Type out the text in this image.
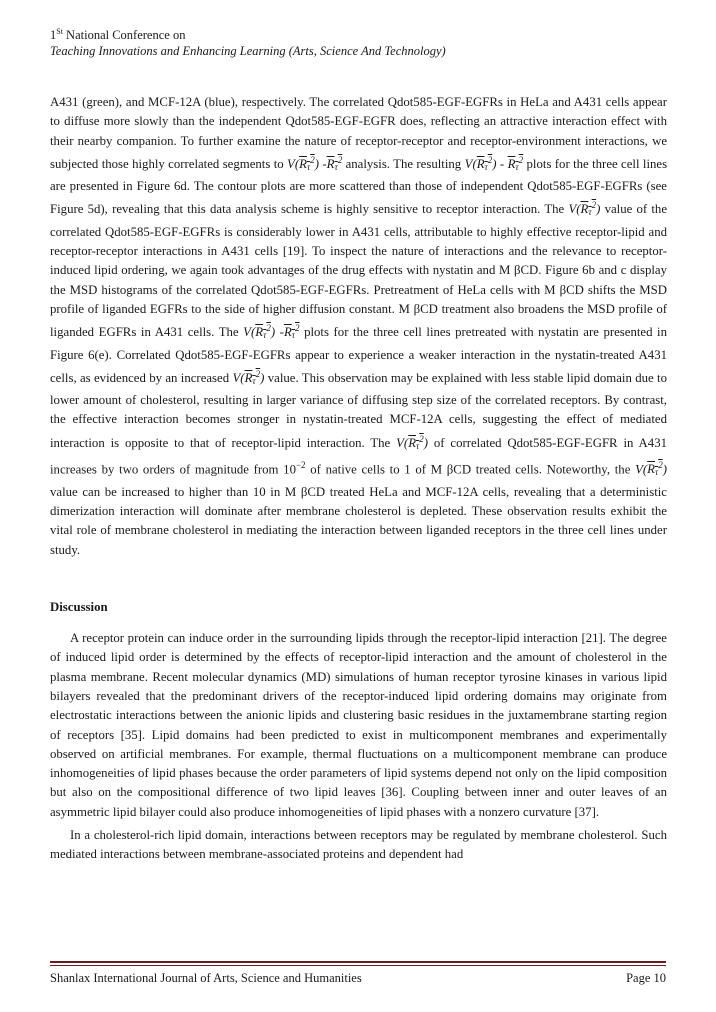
1St National Conference on
Teaching Innovations and Enhancing Learning (Arts, Science And Technology)

A431 (green), and MCF-12A (blue), respectively. The correlated Qdot585-EGF-EGFRs in HeLa and A431 cells appear to diffuse more slowly than the independent Qdot585-EGF-EGFR does, reflecting an attractive interaction effect with their nearby companion. To further examine the nature of receptor-receptor and receptor-environment interactions, we subjected those highly correlated segments to $V(R_\tau^2)$ $-R_\tau^2$ analysis. The resulting $V(R_\tau^2) - R_\tau^2$ plots for the three cell lines are presented in Figure 6d. The contour plots are more scattered than those of independent Qdot585-EGF-EGFRs (see Figure 5d), revealing that this data analysis scheme is highly sensitive to receptor interaction. The $V(R_\tau^2)$ value of the correlated Qdot585-EGF-EGFRs is considerably lower in A431 cells, attributable to highly effective receptor-lipid and receptor-receptor interactions in A431 cells [19]. To inspect the nature of interactions and the relevance to receptor-induced lipid ordering, we again took advantages of the drug effects with nystatin and M βCD. Figure 6b and c display the MSD histograms of the correlated Qdot585-EGF-EGFRs. Pretreatment of HeLa cells with M βCD shifts the MSD profile of liganded EGFRs to the side of higher diffusion constant. M βCD treatment also broadens the MSD profile of liganded EGFRs in A431 cells. The $V(R_\tau^2)$ $-R_\tau^2$ plots for the three cell lines pretreated with nystatin are presented in Figure 6(e). Correlated Qdot585-EGF-EGFRs appear to experience a weaker interaction in the nystatin-treated A431 cells, as evidenced by an increased $V(R_\tau^2)$ value. This observation may be explained with less stable lipid domain due to lower amount of cholesterol, resulting in larger variance of diffusing step size of the correlated receptors. By contrast, the effective interaction becomes stronger in nystatin-treated MCF-12A cells, suggesting the effect of mediated interaction is opposite to that of receptor-lipid interaction. The $V(R_\tau^2)$ of correlated Qdot585-EGF-EGFR in A431 increases by two orders of magnitude from $10^{-2}$ of native cells to 1 of M βCD treated cells. Noteworthy, the $V(R_\tau^2)$ value can be increased to higher than 10 in M βCD treated HeLa and MCF-12A cells, revealing that a deterministic dimerization interaction will dominate after membrane cholesterol is depleted. These observation results exhibit the vital role of membrane cholesterol in mediating the interaction between liganded receptors in the three cell lines under study.

Discussion

A receptor protein can induce order in the surrounding lipids through the receptor-lipid interaction [21]. The degree of induced lipid order is determined by the effects of receptor-lipid interaction and the amount of cholesterol in the plasma membrane. Recent molecular dynamics (MD) simulations of human receptor tyrosine kinases in various lipid bilayers revealed that the predominant drivers of the receptor-induced lipid ordering domains may originate from electrostatic interactions between the anionic lipids and clustering basic residues in the juxtamembrane starting region of receptors [35]. Lipid domains had been predicted to exist in multicomponent membranes and experimentally observed on artificial membranes. For example, thermal fluctuations on a multicomponent membrane can produce inhomogeneities of lipid phases because the order parameters of lipid systems depend not only on the lipid composition but also on the compositional difference of two lipid leaves [36]. Coupling between inner and outer leaves of an asymmetric lipid bilayer could also produce inhomogeneities of lipid phases with a nonzero curvature [37].

In a cholesterol-rich lipid domain, interactions between receptors may be regulated by membrane cholesterol. Such mediated interactions between membrane-associated proteins and dependent had

Shanlax International Journal of Arts, Science and Humanities	Page 10
